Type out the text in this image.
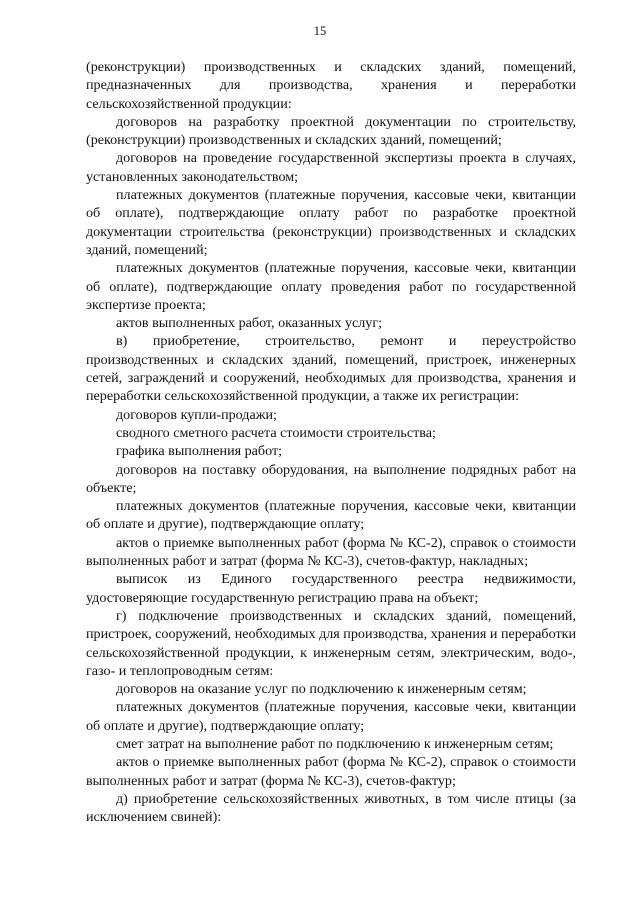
15

(реконструкции) производственных и складских зданий, помещений, предназначенных для производства, хранения и переработки сельскохозяйственной продукции:

договоров на разработку проектной документации по строительству, (реконструкции) производственных и складских зданий, помещений;

договоров на проведение государственной экспертизы проекта в случаях, установленных законодательством;

платежных документов (платежные поручения, кассовые чеки, квитанции об оплате), подтверждающие оплату работ по разработке проектной документации строительства (реконструкции) производственных и складских зданий, помещений;

платежных документов (платежные поручения, кассовые чеки, квитанции об оплате), подтверждающие оплату проведения работ по государственной экспертизе проекта;

актов выполненных работ, оказанных услуг;

в) приобретение, строительство, ремонт и переустройство производственных и складских зданий, помещений, пристроек, инженерных сетей, заграждений и сооружений, необходимых для производства, хранения и переработки сельскохозяйственной продукции, а также их регистрации:

договоров купли-продажи;

сводного сметного расчета стоимости строительства;

графика выполнения работ;

договоров на поставку оборудования, на выполнение подрядных работ на объекте;

платежных документов (платежные поручения, кассовые чеки, квитанции об оплате и другие), подтверждающие оплату;

актов о приемке выполненных работ (форма № КС-2), справок о стоимости выполненных работ и затрат (форма № КС-3), счетов-фактур, накладных;

выписок из Единого государственного реестра недвижимости, удостоверяющие государственную регистрацию права на объект;

г) подключение производственных и складских зданий, помещений, пристроек, сооружений, необходимых для производства, хранения и переработки сельскохозяйственной продукции, к инженерным сетям, электрическим, водо-, газо- и теплопроводным сетям:

договоров на оказание услуг по подключению к инженерным сетям;

платежных документов (платежные поручения, кассовые чеки, квитанции об оплате и другие), подтверждающие оплату;

смет затрат на выполнение работ по подключению к инженерным сетям;

актов о приемке выполненных работ (форма № КС-2), справок о стоимости выполненных работ и затрат (форма № КС-3), счетов-фактур;

д) приобретение сельскохозяйственных животных, в том числе птицы (за исключением свиней):
